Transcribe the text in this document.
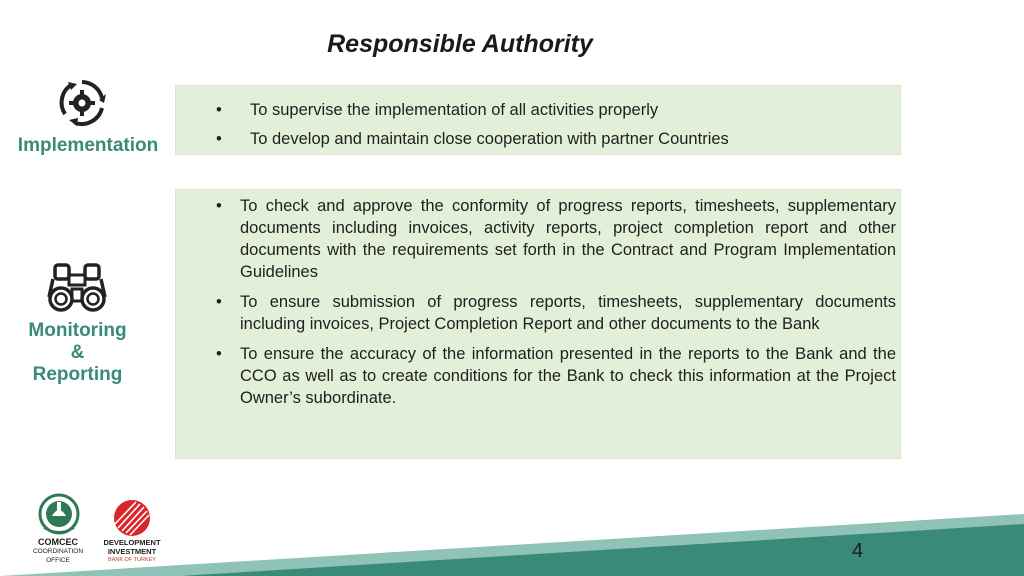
Responsible Authority
Implementation
Monitoring
&
Reporting
• To supervise the implementation of all activities properly
• To develop and maintain close cooperation with partner Countries
• To check and approve the conformity of progress reports, timesheets, supplementary documents including invoices, activity reports, project completion report and other documents with the requirements set forth in the Contract and Program Implementation Guidelines
• To ensure submission of progress reports, timesheets, supplementary documents including invoices, Project Completion Report and other documents to the Bank
• To ensure the accuracy of the information presented in the reports to the Bank and the CCO as well as to create conditions for the Bank to check this information at the Project Owner’s subordinate.
COMCEC
COORDINATION
OFFICE
DEVELOPMENT
INVESTMENT
BANK OF TURKEY	4
